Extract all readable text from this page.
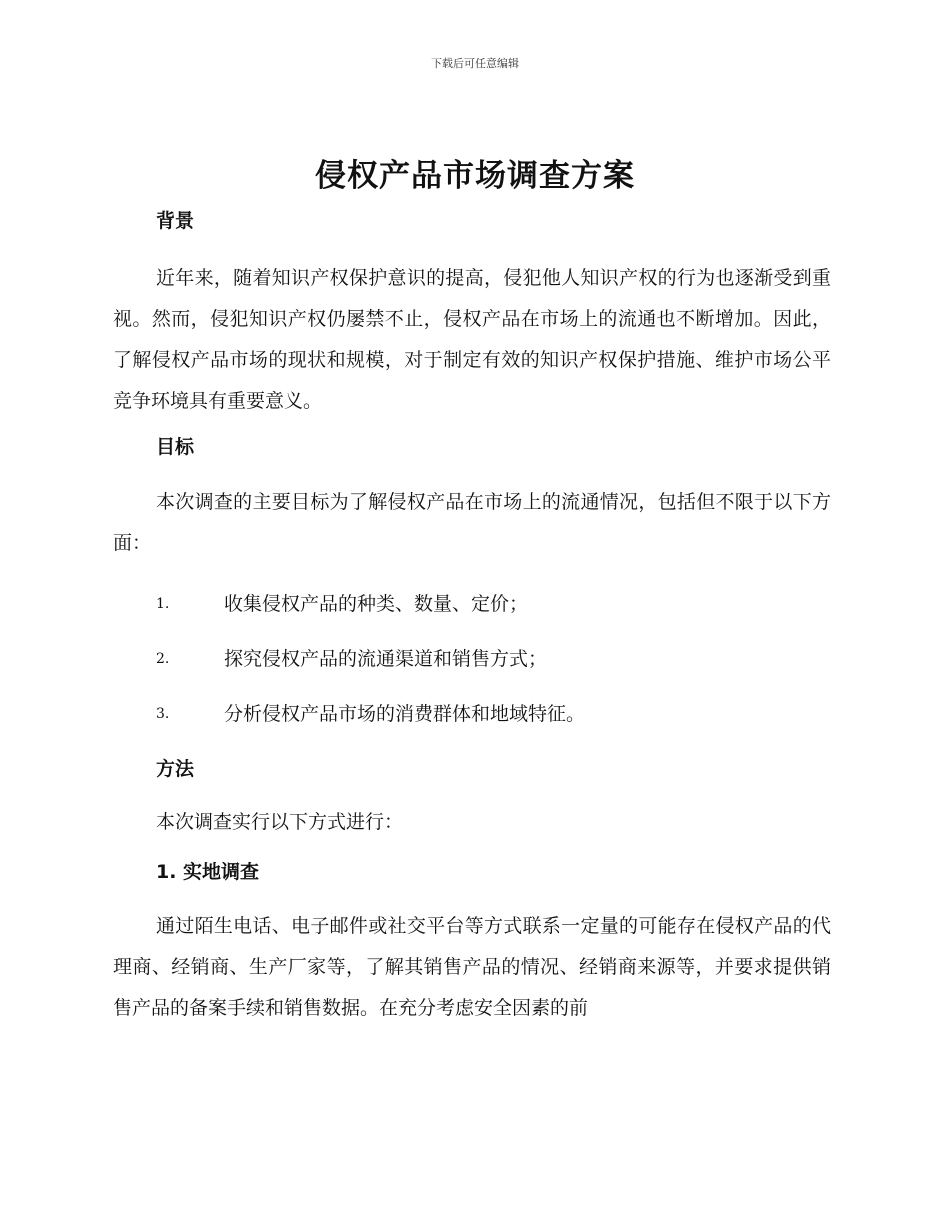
下载后可任意编辑
侵权产品市场调查方案
背景
近年来，随着知识产权保护意识的提高，侵犯他人知识产权的行为也逐渐受到重视。然而，侵犯知识产权仍屡禁不止，侵权产品在市场上的流通也不断增加。因此，了解侵权产品市场的现状和规模，对于制定有效的知识产权保护措施、维护市场公平竞争环境具有重要意义。
目标
本次调查的主要目标为了解侵权产品在市场上的流通情况，包括但不限于以下方面：
1.	收集侵权产品的种类、数量、定价；
2.	探究侵权产品的流通渠道和销售方式；
3.	分析侵权产品市场的消费群体和地域特征。
方法
本次调查实行以下方式进行：
1. 实地调查
通过陌生电话、电子邮件或社交平台等方式联系一定量的可能存在侵权产品的代理商、经销商、生产厂家等，了解其销售产品的情况、经销商来源等，并要求提供销售产品的备案手续和销售数据。在充分考虑安全因素的前
